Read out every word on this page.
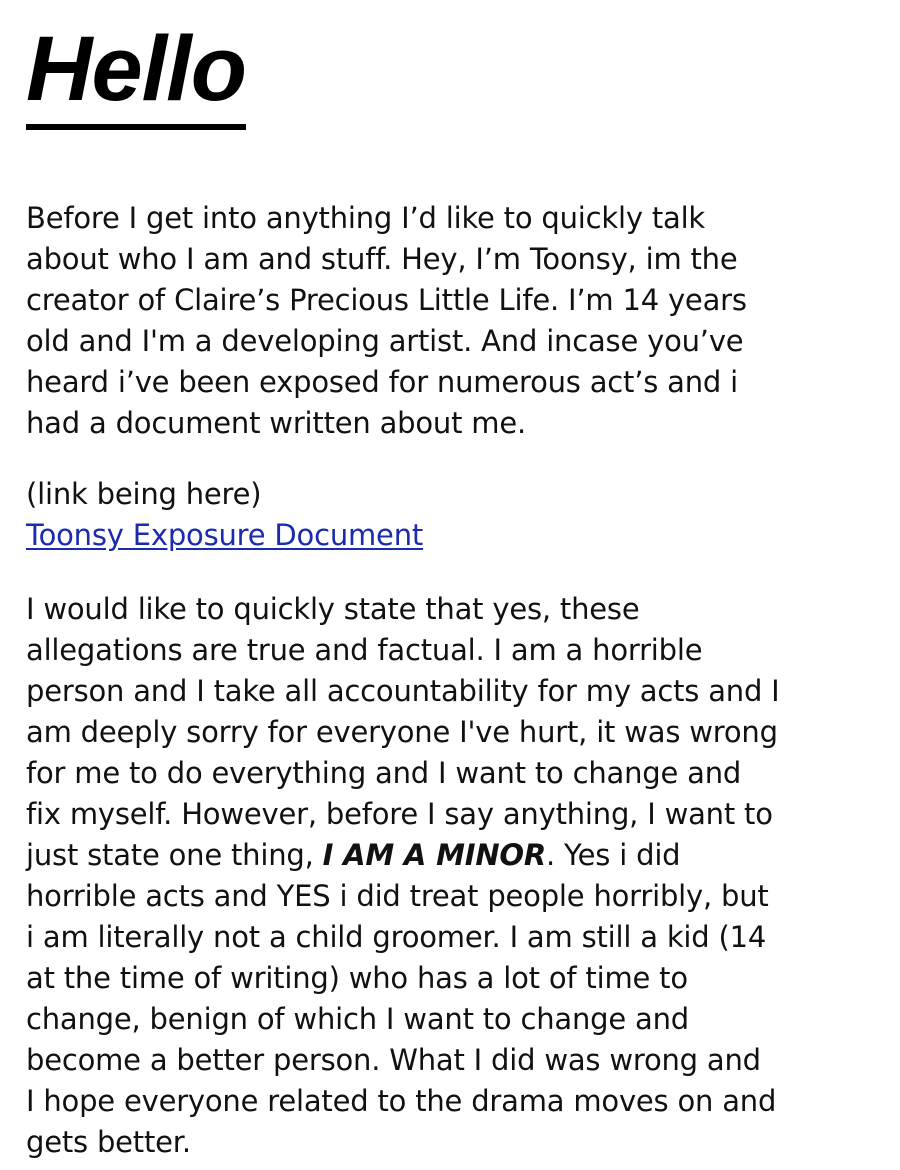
Hello

Before I get into anything I’d like to quickly talk
about who I am and stuff. Hey, I’m Toonsy, im the
creator of Claire’s Precious Little Life. I’m 14 years
old and I'm a developing artist. And incase you’ve
heard i’ve been exposed for numerous act’s and i
had a document written about me.

(link being here)
Toonsy Exposure Document

I would like to quickly state that yes, these
allegations are true and factual. I am a horrible
person and I take all accountability for my acts and I
am deeply sorry for everyone I've hurt, it was wrong
for me to do everything and I want to change and
fix myself. However, before I say anything, I want to
just state one thing, I AM A MINOR. Yes i did
horrible acts and YES i did treat people horribly, but
i am literally not a child groomer. I am still a kid (14
at the time of writing) who has a lot of time to
change, benign of which I want to change and
become a better person. What I did was wrong and
I hope everyone related to the drama moves on and
gets better.
